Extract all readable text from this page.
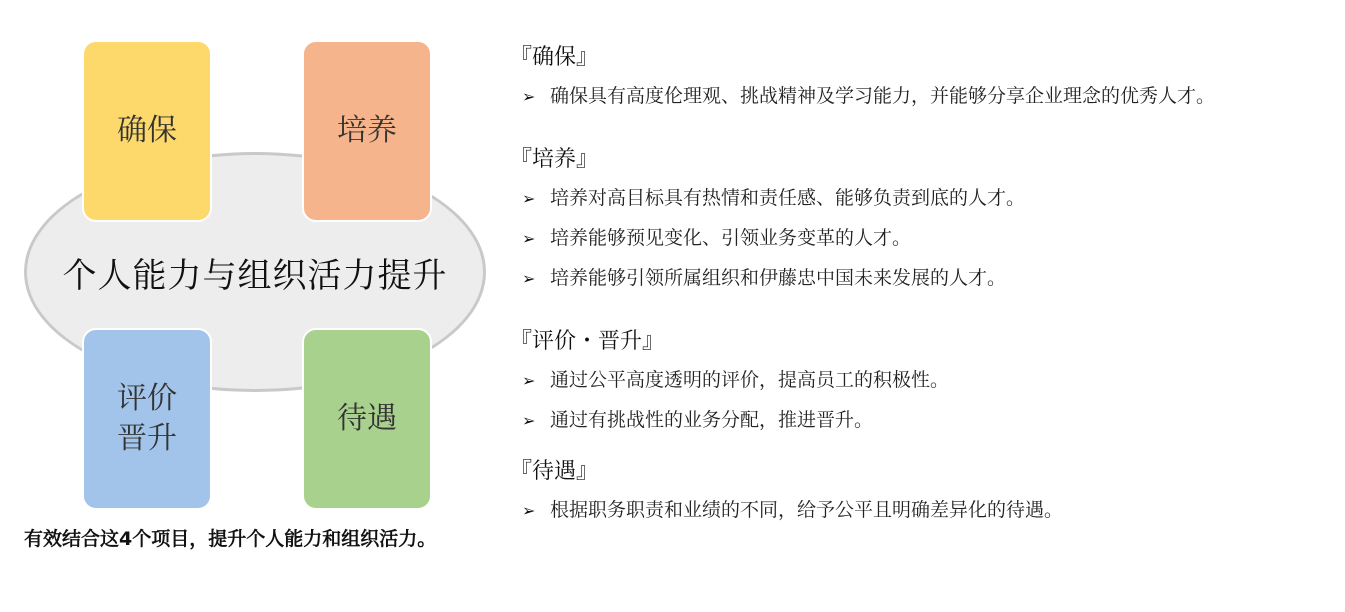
个人能力与组织活力提升
确保	培养
评价
晋升
待遇
有效结合这4个项目，提升个人能力和组织活力。
『确保』
➢ 确保具有高度伦理观、挑战精神及学习能力，并能够分享企业理念的优秀人才。
『培养』
➢ 培养对高目标具有热情和责任感、能够负责到底的人才。
➢ 培养能够预见变化、引领业务变革的人才。
➢ 培养能够引领所属组织和伊藤忠中国未来发展的人才。
『评价・晋升』
➢ 通过公平高度透明的评价，提高员工的积极性。
➢ 通过有挑战性的业务分配，推进晋升。
『待遇』
➢ 根据职务职责和业绩的不同，给予公平且明确差异化的待遇。
